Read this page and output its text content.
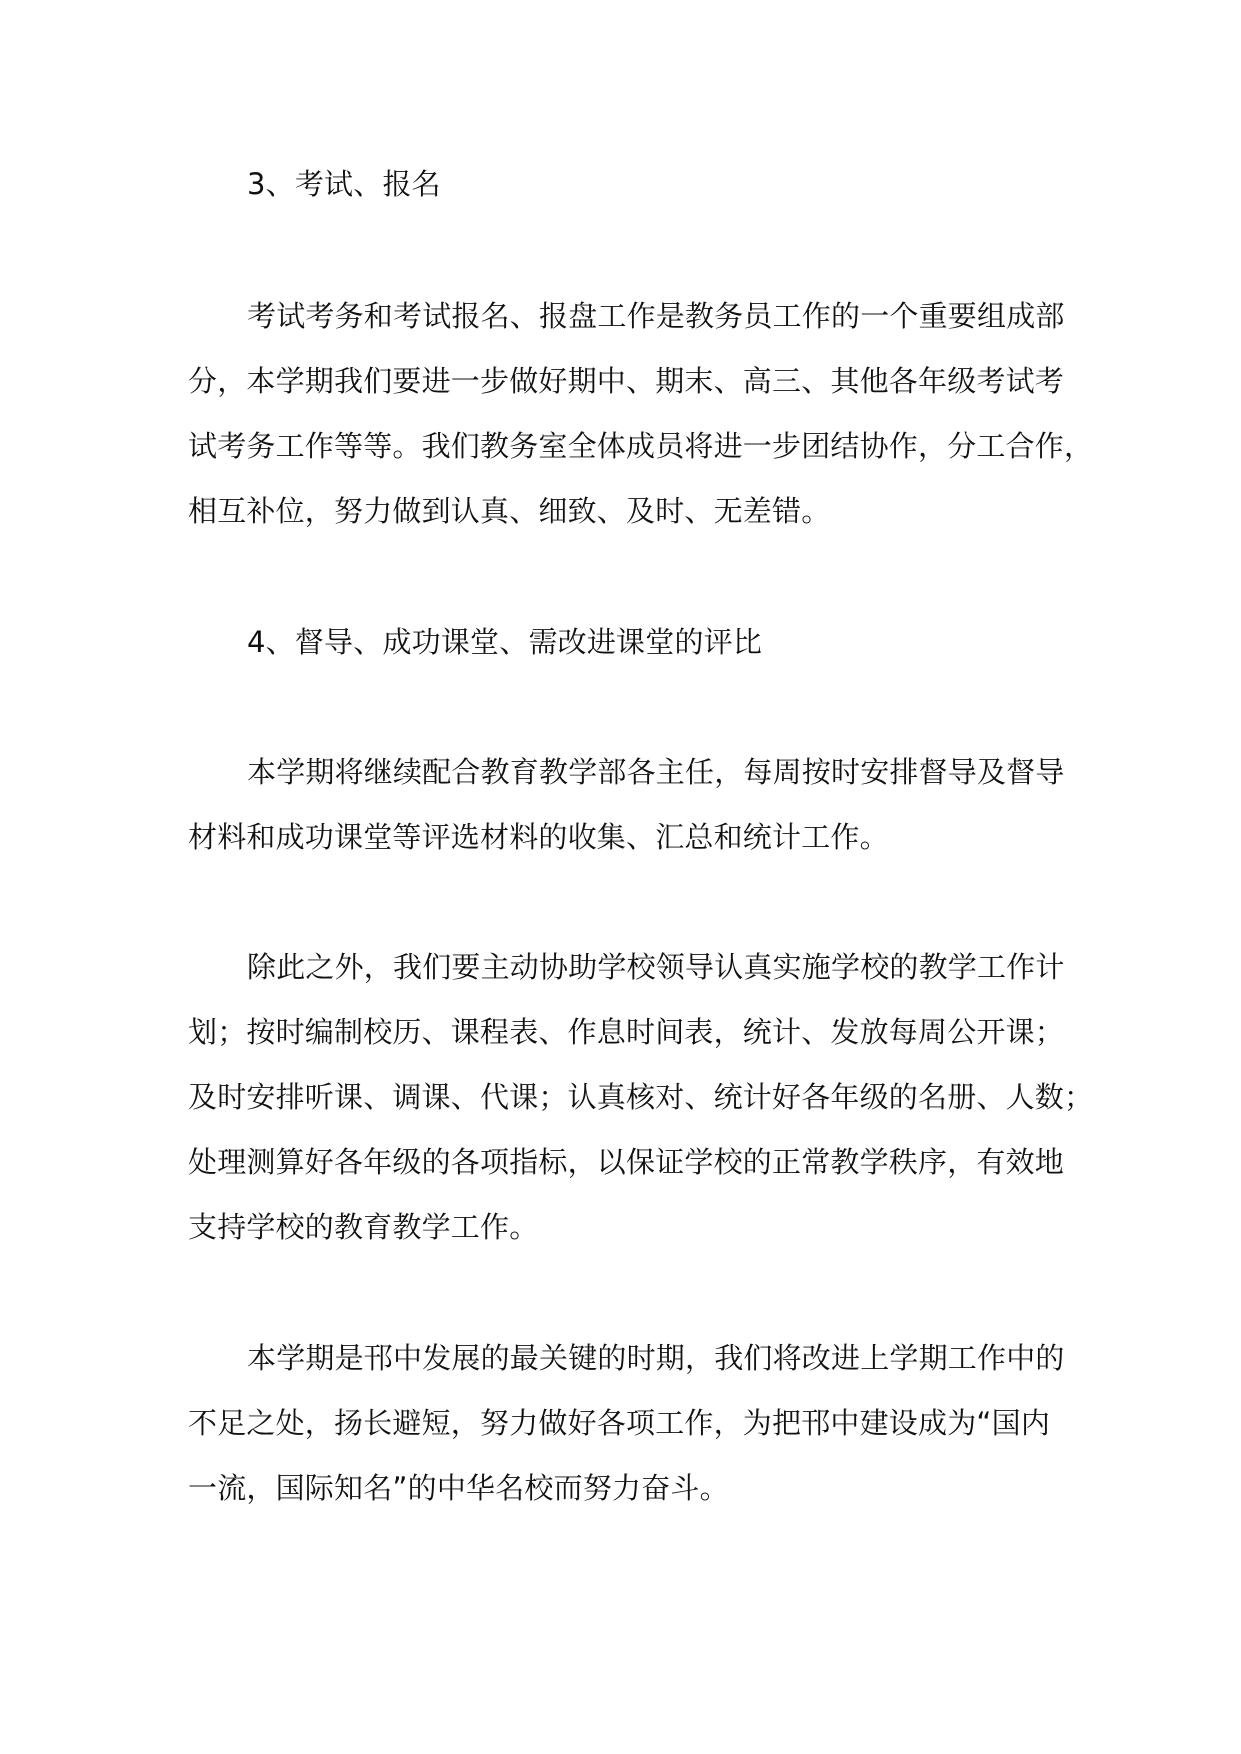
3、考试、报名

考试考务和考试报名、报盘工作是教务员工作的一个重要组成部

分，本学期我们要进一步做好期中、期末、高三、其他各年级考试考

试考务工作等等。我们教务室全体成员将进一步团结协作，分工合作，

相互补位，努力做到认真、细致、及时、无差错。

4、督导、成功课堂、需改进课堂的评比

本学期将继续配合教育教学部各主任，每周按时安排督导及督导

材料和成功课堂等评选材料的收集、汇总和统计工作。

除此之外，我们要主动协助学校领导认真实施学校的教学工作计

划；按时编制校历、课程表、作息时间表，统计、发放每周公开课；

及时安排听课、调课、代课；认真核对、统计好各年级的名册、人数；

处理测算好各年级的各项指标，以保证学校的正常教学秩序，有效地

支持学校的教育教学工作。

本学期是邗中发展的最关键的时期，我们将改进上学期工作中的

不足之处，扬长避短，努力做好各项工作，为把邗中建设成为“国内

一流，国际知名”的中华名校而努力奋斗。
